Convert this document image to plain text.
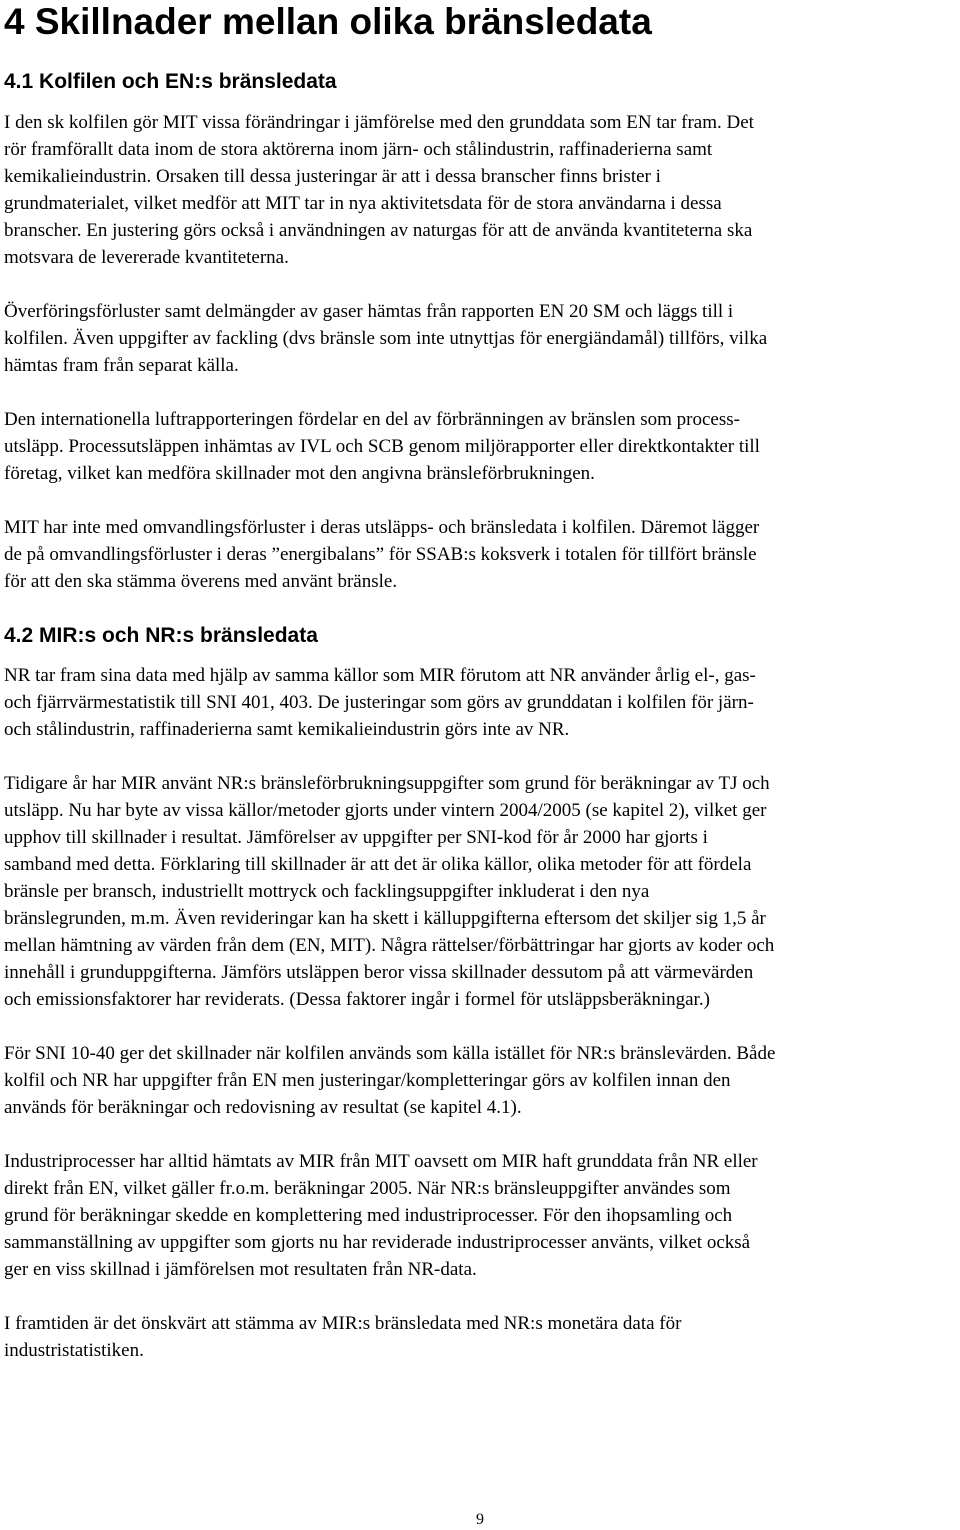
4 Skillnader mellan olika bränsledata
4.1 Kolfilen och EN:s bränsledata

I den sk kolfilen gör MIT vissa förändringar i jämförelse med den grunddata som EN tar fram. Det
rör framförallt data inom de stora aktörerna inom järn- och stålindustrin, raffinaderierna samt
kemikalieindustrin. Orsaken till dessa justeringar är att i dessa branscher finns brister i
grundmaterialet, vilket medför att MIT tar in nya aktivitetsdata för de stora användarna i dessa
branscher. En justering görs också i användningen av naturgas för att de använda kvantiteterna ska
motsvara de levererade kvantiteterna.

Överföringsförluster samt delmängder av gaser hämtas från rapporten EN 20 SM och läggs till i
kolfilen. Även uppgifter av fackling (dvs bränsle som inte utnyttjas för energiändamål) tillförs, vilka
hämtas fram från separat källa.

Den internationella luftrapporteringen fördelar en del av förbränningen av bränslen som process-
utsläpp. Processutsläppen inhämtas av IVL och SCB genom miljörapporter eller direktkontakter till
företag, vilket kan medföra skillnader mot den angivna bränsleförbrukningen.

MIT har inte med omvandlingsförluster i deras utsläpps- och bränsledata i kolfilen. Däremot lägger
de på omvandlingsförluster i deras ”energibalans” för SSAB:s koksverk i totalen för tillfört bränsle
för att den ska stämma överens med använt bränsle.

4.2 MIR:s och NR:s bränsledata

NR tar fram sina data med hjälp av samma källor som MIR förutom att NR använder årlig el-, gas-
och fjärrvärmestatistik till SNI 401, 403. De justeringar som görs av grunddatan i kolfilen för järn-
och stålindustrin, raffinaderierna samt kemikalieindustrin görs inte av NR.

Tidigare år har MIR använt NR:s bränsleförbrukningsuppgifter som grund för beräkningar av TJ och
utsläpp. Nu har byte av vissa källor/metoder gjorts under vintern 2004/2005 (se kapitel 2), vilket ger
upphov till skillnader i resultat. Jämförelser av uppgifter per SNI-kod för år 2000 har gjorts i
samband med detta. Förklaring till skillnader är att det är olika källor, olika metoder för att fördela
bränsle per bransch, industriellt mottryck och facklingsuppgifter inkluderat i den nya
bränslegrunden, m.m. Även revideringar kan ha skett i källuppgifterna eftersom det skiljer sig 1,5 år
mellan hämtning av värden från dem (EN, MIT). Några rättelser/förbättringar har gjorts av koder och
innehåll i grunduppgifterna. Jämförs utsläppen beror vissa skillnader dessutom på att värmevärden
och emissionsfaktorer har reviderats. (Dessa faktorer ingår i formel för utsläppsberäkningar.)

För SNI 10-40 ger det skillnader när kolfilen används som källa istället för NR:s bränslevärden. Både
kolfil och NR har uppgifter från EN men justeringar/kompletteringar görs av kolfilen innan den
används för beräkningar och redovisning av resultat (se kapitel 4.1).

Industriprocesser har alltid hämtats av MIR från MIT oavsett om MIR haft grunddata från NR eller
direkt från EN, vilket gäller fr.o.m. beräkningar 2005. När NR:s bränsleuppgifter användes som
grund för beräkningar skedde en komplettering med industriprocesser. För den ihopsamling och
sammanställning av uppgifter som gjorts nu har reviderade industriprocesser använts, vilket också
ger en viss skillnad i jämförelsen mot resultaten från NR-data.

I framtiden är det önskvärt att stämma av MIR:s bränsledata med NR:s monetära data för
industristatistiken.

9
